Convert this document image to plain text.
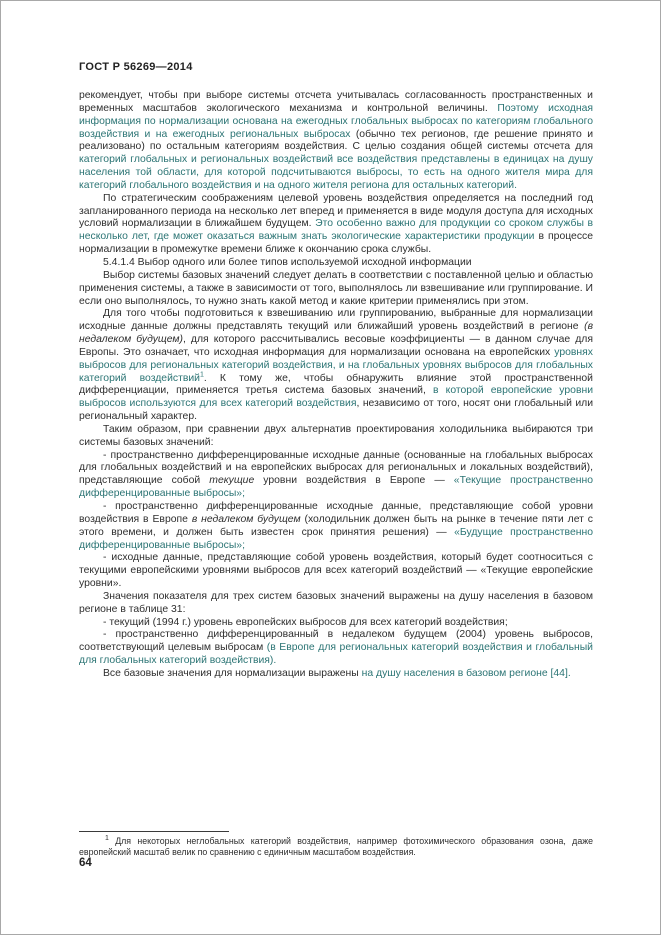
ГОСТ Р 56269—2014

рекомендует, чтобы при выборе системы отсчета учитывалась согласованность пространственных и временных масштабов экологического механизма и контрольной величины. Поэтому исходная информация по нормализации основана на ежегодных глобальных выбросах по категориям глобального воздействия и на ежегодных региональных выбросах (обычно тех регионов, где решение принято и реализовано) по остальным категориям воздействия. С целью создания общей системы отсчета для категорий глобальных и региональных воздействий все воздействия представлены в единицах на душу населения той области, для которой подсчитываются выбросы, то есть на одного жителя мира для категорий глобального воздействия и на одного жителя региона для остальных категорий.

По стратегическим соображениям целевой уровень воздействия определяется на последний год запланированного периода на несколько лет вперед и применяется в виде модуля доступа для исходных условий нормализации в ближайшем будущем. Это особенно важно для продукции со сроком службы в несколько лет, где может оказаться важным знать экологические характеристики продукции в процессе нормализации в промежутке времени ближе к окончанию срока службы.

5.4.1.4 Выбор одного или более типов используемой исходной информации

Выбор системы базовых значений следует делать в соответствии с поставленной целью и областью применения системы, а также в зависимости от того, выполнялось ли взвешивание или группирование. И если оно выполнялось, то нужно знать какой метод и какие критерии применялись при этом.

Для того чтобы подготовиться к взвешиванию или группированию, выбранные для нормализации исходные данные должны представлять текущий или ближайший уровень воздействий в регионе (в недалеком будущем), для которого рассчитывались весовые коэффициенты — в данном случае для Европы. Это означает, что исходная информация для нормализации основана на европейских уровнях выбросов для региональных категорий воздействия, и на глобальных уровнях выбросов для глобальных категорий воздействий$^1$. К тому же, чтобы обнаружить влияние этой пространственной дифференциации, применяется третья система базовых значений, в которой европейские уровни выбросов используются для всех категорий воздействия, независимо от того, носят они глобальный или региональный характер.

Таким образом, при сравнении двух альтернатив проектирования холодильника выбираются три системы базовых значений:

- пространственно дифференцированные исходные данные (основанные на глобальных выбросах для глобальных воздействий и на европейских выбросах для региональных и локальных воздействий), представляющие собой текущие уровни воздействия в Европе — «Текущие пространственно дифференцированные выбросы»;

- пространственно дифференцированные исходные данные, представляющие собой уровни воздействия в Европе в недалеком будущем (холодильник должен быть на рынке в течение пяти лет с этого времени, и должен быть известен срок принятия решения) — «Будущие пространственно дифференцированные выбросы»;

- исходные данные, представляющие собой уровень воздействия, который будет соотноситься с текущими европейскими уровнями выбросов для всех категорий воздействий — «Текущие европейские уровни».

Значения показателя для трех систем базовых значений выражены на душу населения в базовом регионе в таблице 31:

- текущий (1994 г.) уровень европейских выбросов для всех категорий воздействия;

- пространственно дифференцированный в недалеком будущем (2004) уровень выбросов, соответствующий целевым выбросам (в Европе для региональных категорий воздействия и глобальный для глобальных категорий воздействия).

Все базовые значения для нормализации выражены на душу населения в базовом регионе [44].

$^1$ Для некоторых неглобальных категорий воздействия, например фотохимического образования озона, даже европейский масштаб велик по сравнению с единичным масштабом воздействия.
64
